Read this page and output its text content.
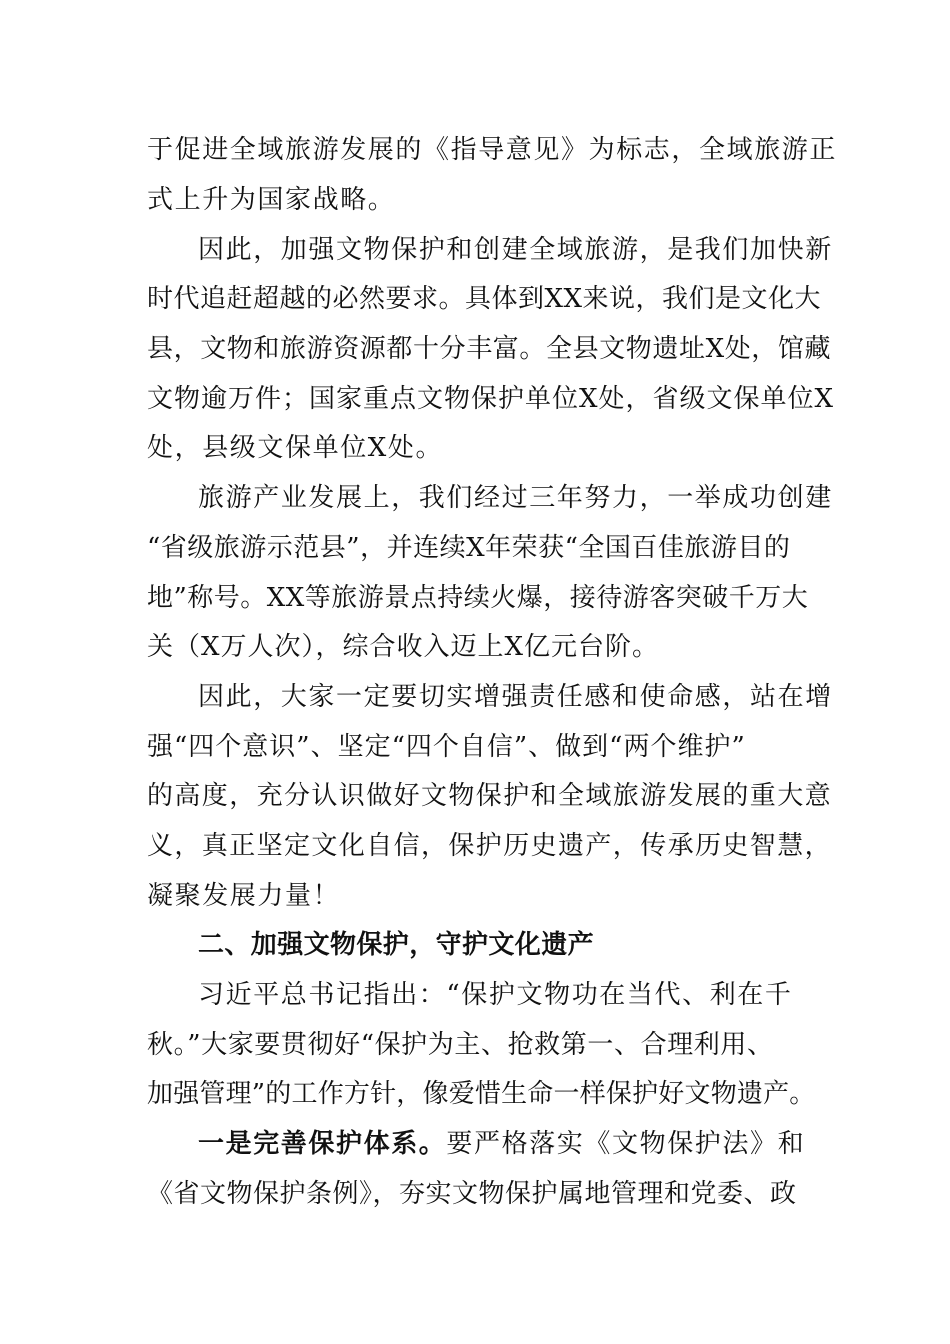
于促进全域旅游发展的《指导意见》为标志，全域旅游正
式上升为国家战略。
因此，加强文物保护和创建全域旅游，是我们加快新
时代追赶超越的必然要求。具体到XX来说，我们是文化大
县，文物和旅游资源都十分丰富。全县文物遗址X处，馆藏
文物逾万件；国家重点文物保护单位X处，省级文保单位X
处，县级文保单位X处。
旅游产业发展上，我们经过三年努力，一举成功创建
“省级旅游示范县”，并连续X年荣获“全国百佳旅游目的
地”称号。XX等旅游景点持续火爆，接待游客突破千万大
关（X万人次），综合收入迈上X亿元台阶。
因此，大家一定要切实增强责任感和使命感，站在增
强“四个意识”、坚定“四个自信”、做到“两个维护”
的高度，充分认识做好文物保护和全域旅游发展的重大意
义，真正坚定文化自信，保护历史遗产，传承历史智慧，
凝聚发展力量！
二、加强文物保护，守护文化遗产
习近平总书记指出：“保护文物功在当代、利在千
秋。”大家要贯彻好“保护为主、抢救第一、合理利用、
加强管理”的工作方针，像爱惜生命一样保护好文物遗产。
一是完善保护体系。要严格落实《文物保护法》和
《省文物保护条例》，夯实文物保护属地管理和党委、政
